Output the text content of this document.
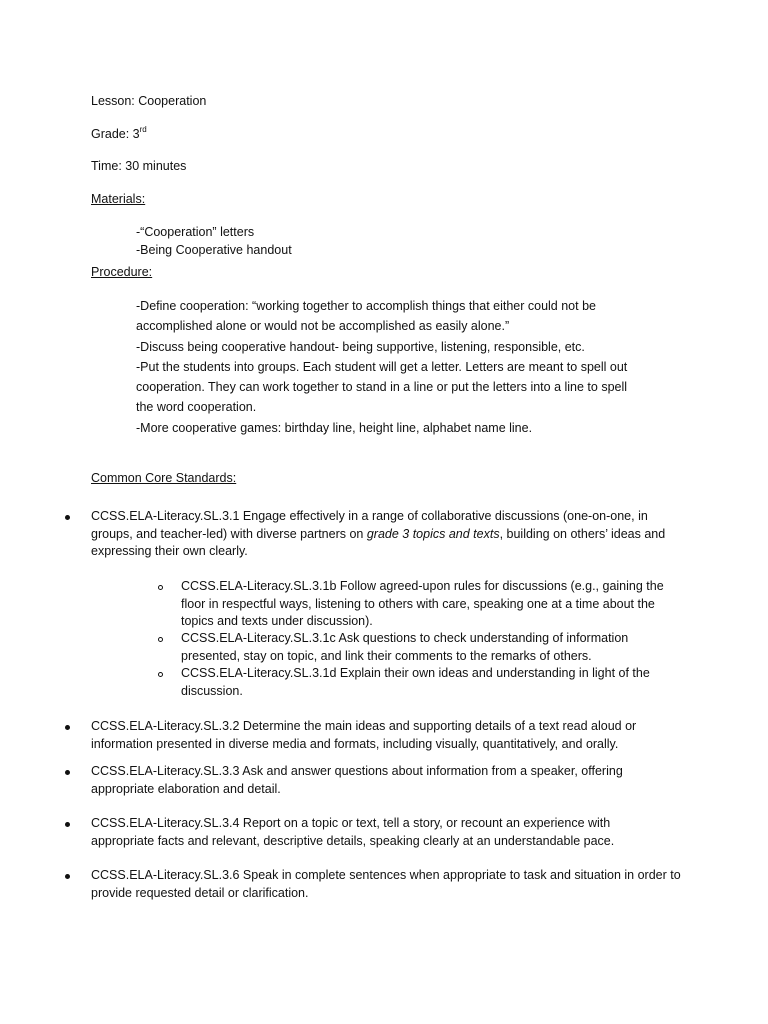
Lesson: Cooperation
Grade: 3rd
Time: 30 minutes
Materials:
-“Cooperation” letters
-Being Cooperative handout
Procedure:
-Define cooperation: “working together to accomplish things that either could not be
accomplished alone or would not be accomplished as easily alone.”
-Discuss being cooperative handout- being supportive, listening, responsible, etc.
-Put the students into groups. Each student will get a letter. Letters are meant to spell out
cooperation. They can work together to stand in a line or put the letters into a line to spell
the word cooperation.
-More cooperative games: birthday line, height line, alphabet name line.
Common Core Standards:
CCSS.ELA-Literacy.SL.3.1 Engage effectively in a range of collaborative discussions (one-on-one, in
groups, and teacher-led) with diverse partners on grade 3 topics and texts, building on others’ ideas and
expressing their own clearly.
CCSS.ELA-Literacy.SL.3.1b Follow agreed-upon rules for discussions (e.g., gaining the
floor in respectful ways, listening to others with care, speaking one at a time about the
topics and texts under discussion).
CCSS.ELA-Literacy.SL.3.1c Ask questions to check understanding of information
presented, stay on topic, and link their comments to the remarks of others.
CCSS.ELA-Literacy.SL.3.1d Explain their own ideas and understanding in light of the
discussion.
CCSS.ELA-Literacy.SL.3.2 Determine the main ideas and supporting details of a text read aloud or
information presented in diverse media and formats, including visually, quantitatively, and orally.
CCSS.ELA-Literacy.SL.3.3 Ask and answer questions about information from a speaker, offering
appropriate elaboration and detail.
CCSS.ELA-Literacy.SL.3.4 Report on a topic or text, tell a story, or recount an experience with
appropriate facts and relevant, descriptive details, speaking clearly at an understandable pace.
CCSS.ELA-Literacy.SL.3.6 Speak in complete sentences when appropriate to task and situation in order to
provide requested detail or clarification.
